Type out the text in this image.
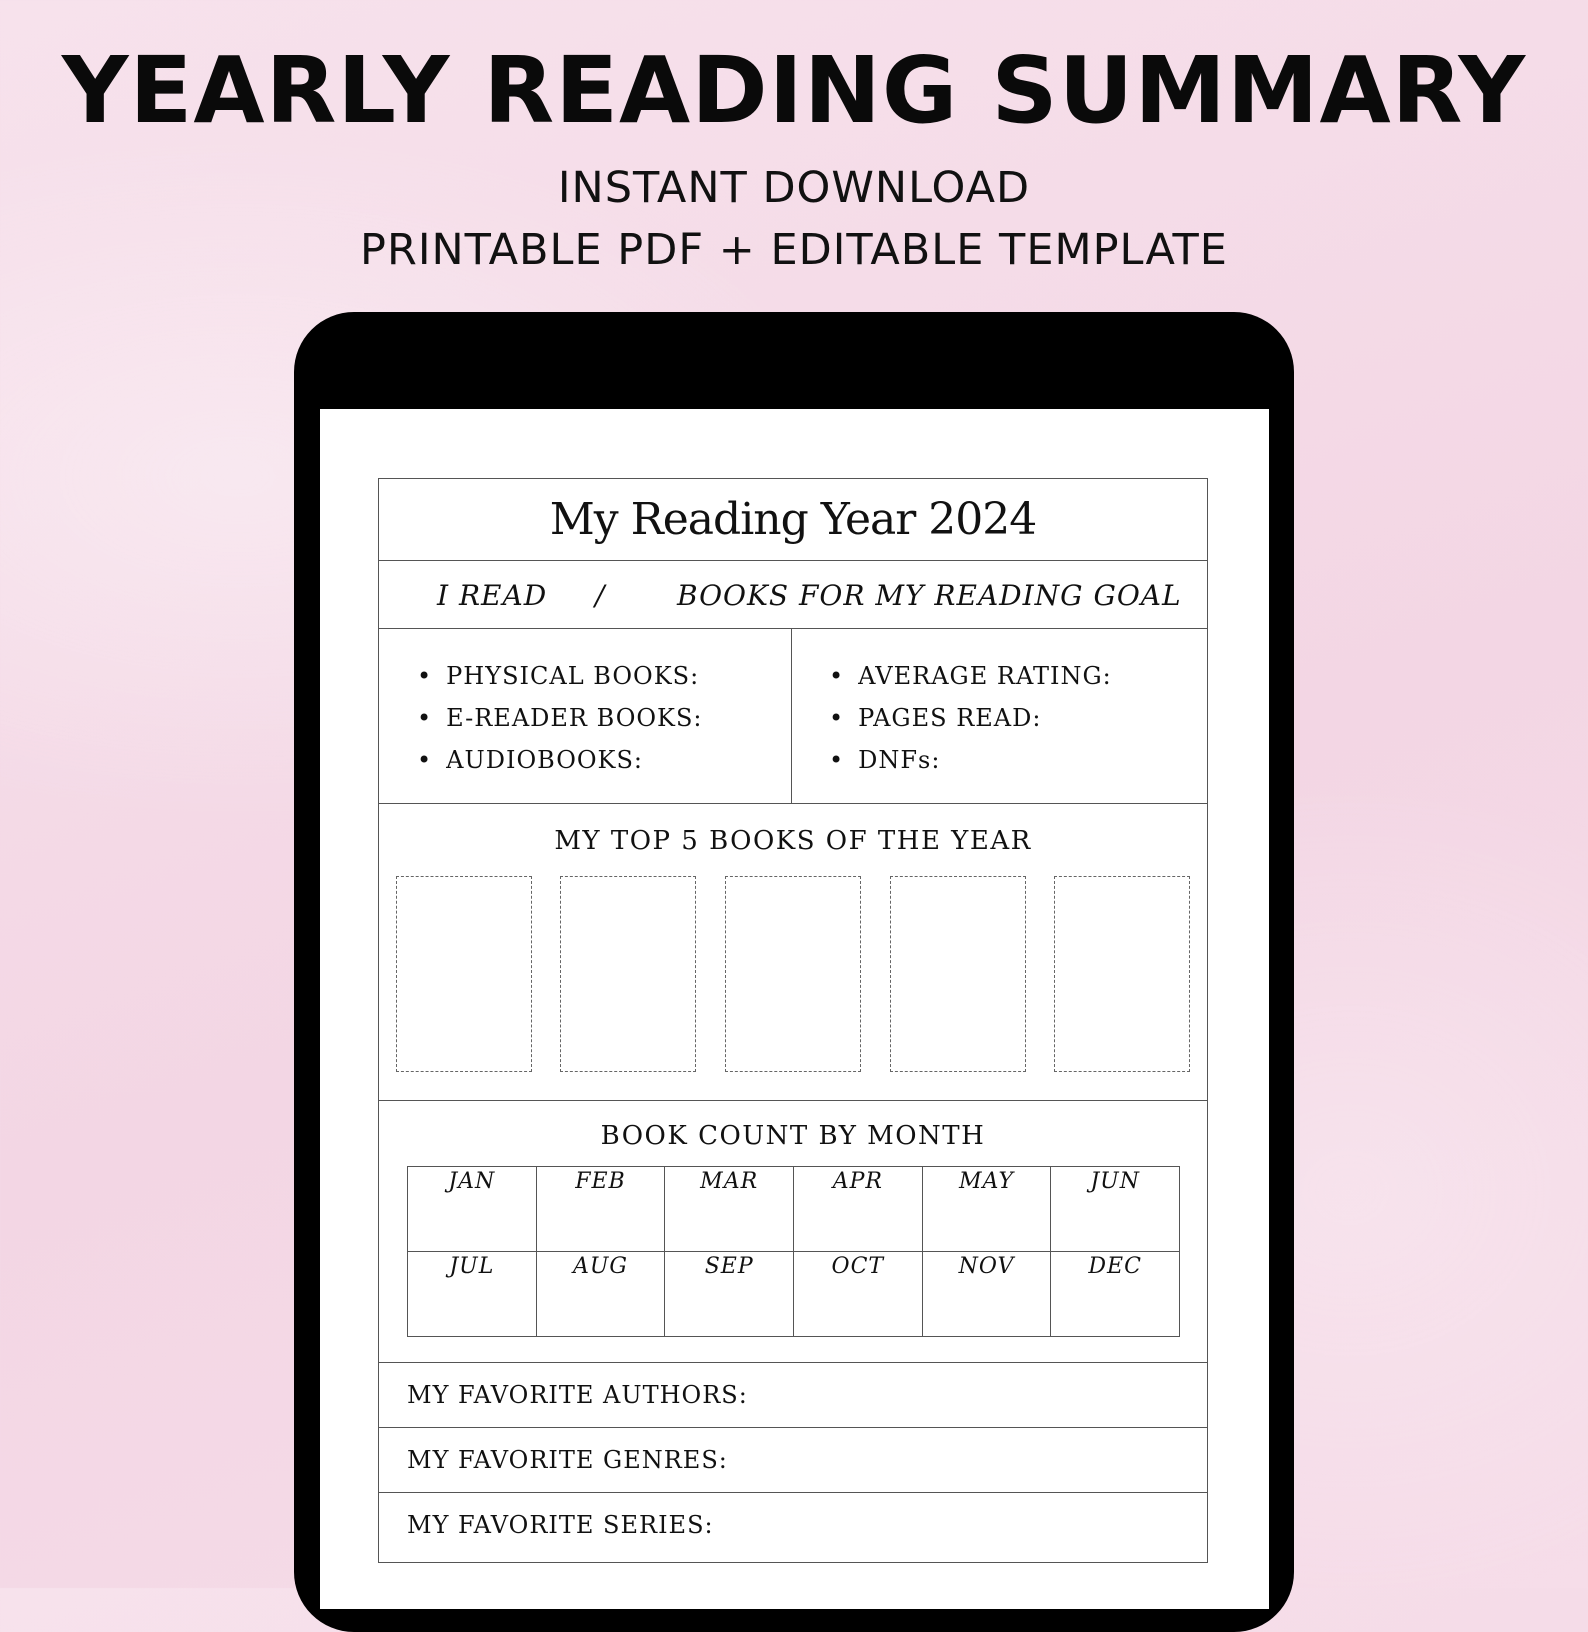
YEARLY READING SUMMARY
INSTANT DOWNLOAD
PRINTABLE PDF + EDITABLE TEMPLATE
My Reading Year 2024
I READ /	BOOKS FOR MY READING GOAL
• PHYSICAL BOOKS:
• E-READER BOOKS:
• AUDIOBOOKS:
• AVERAGE RATING:
• PAGES READ:
• DNFs:
MY TOP 5 BOOKS OF THE YEAR
BOOK COUNT BY MONTH
JAN	FEB	MAR	APR	MAY	JUN
JUL	AUG	SEP	OCT	NOV	DEC
MY FAVORITE AUTHORS:
MY FAVORITE GENRES:
MY FAVORITE SERIES:
